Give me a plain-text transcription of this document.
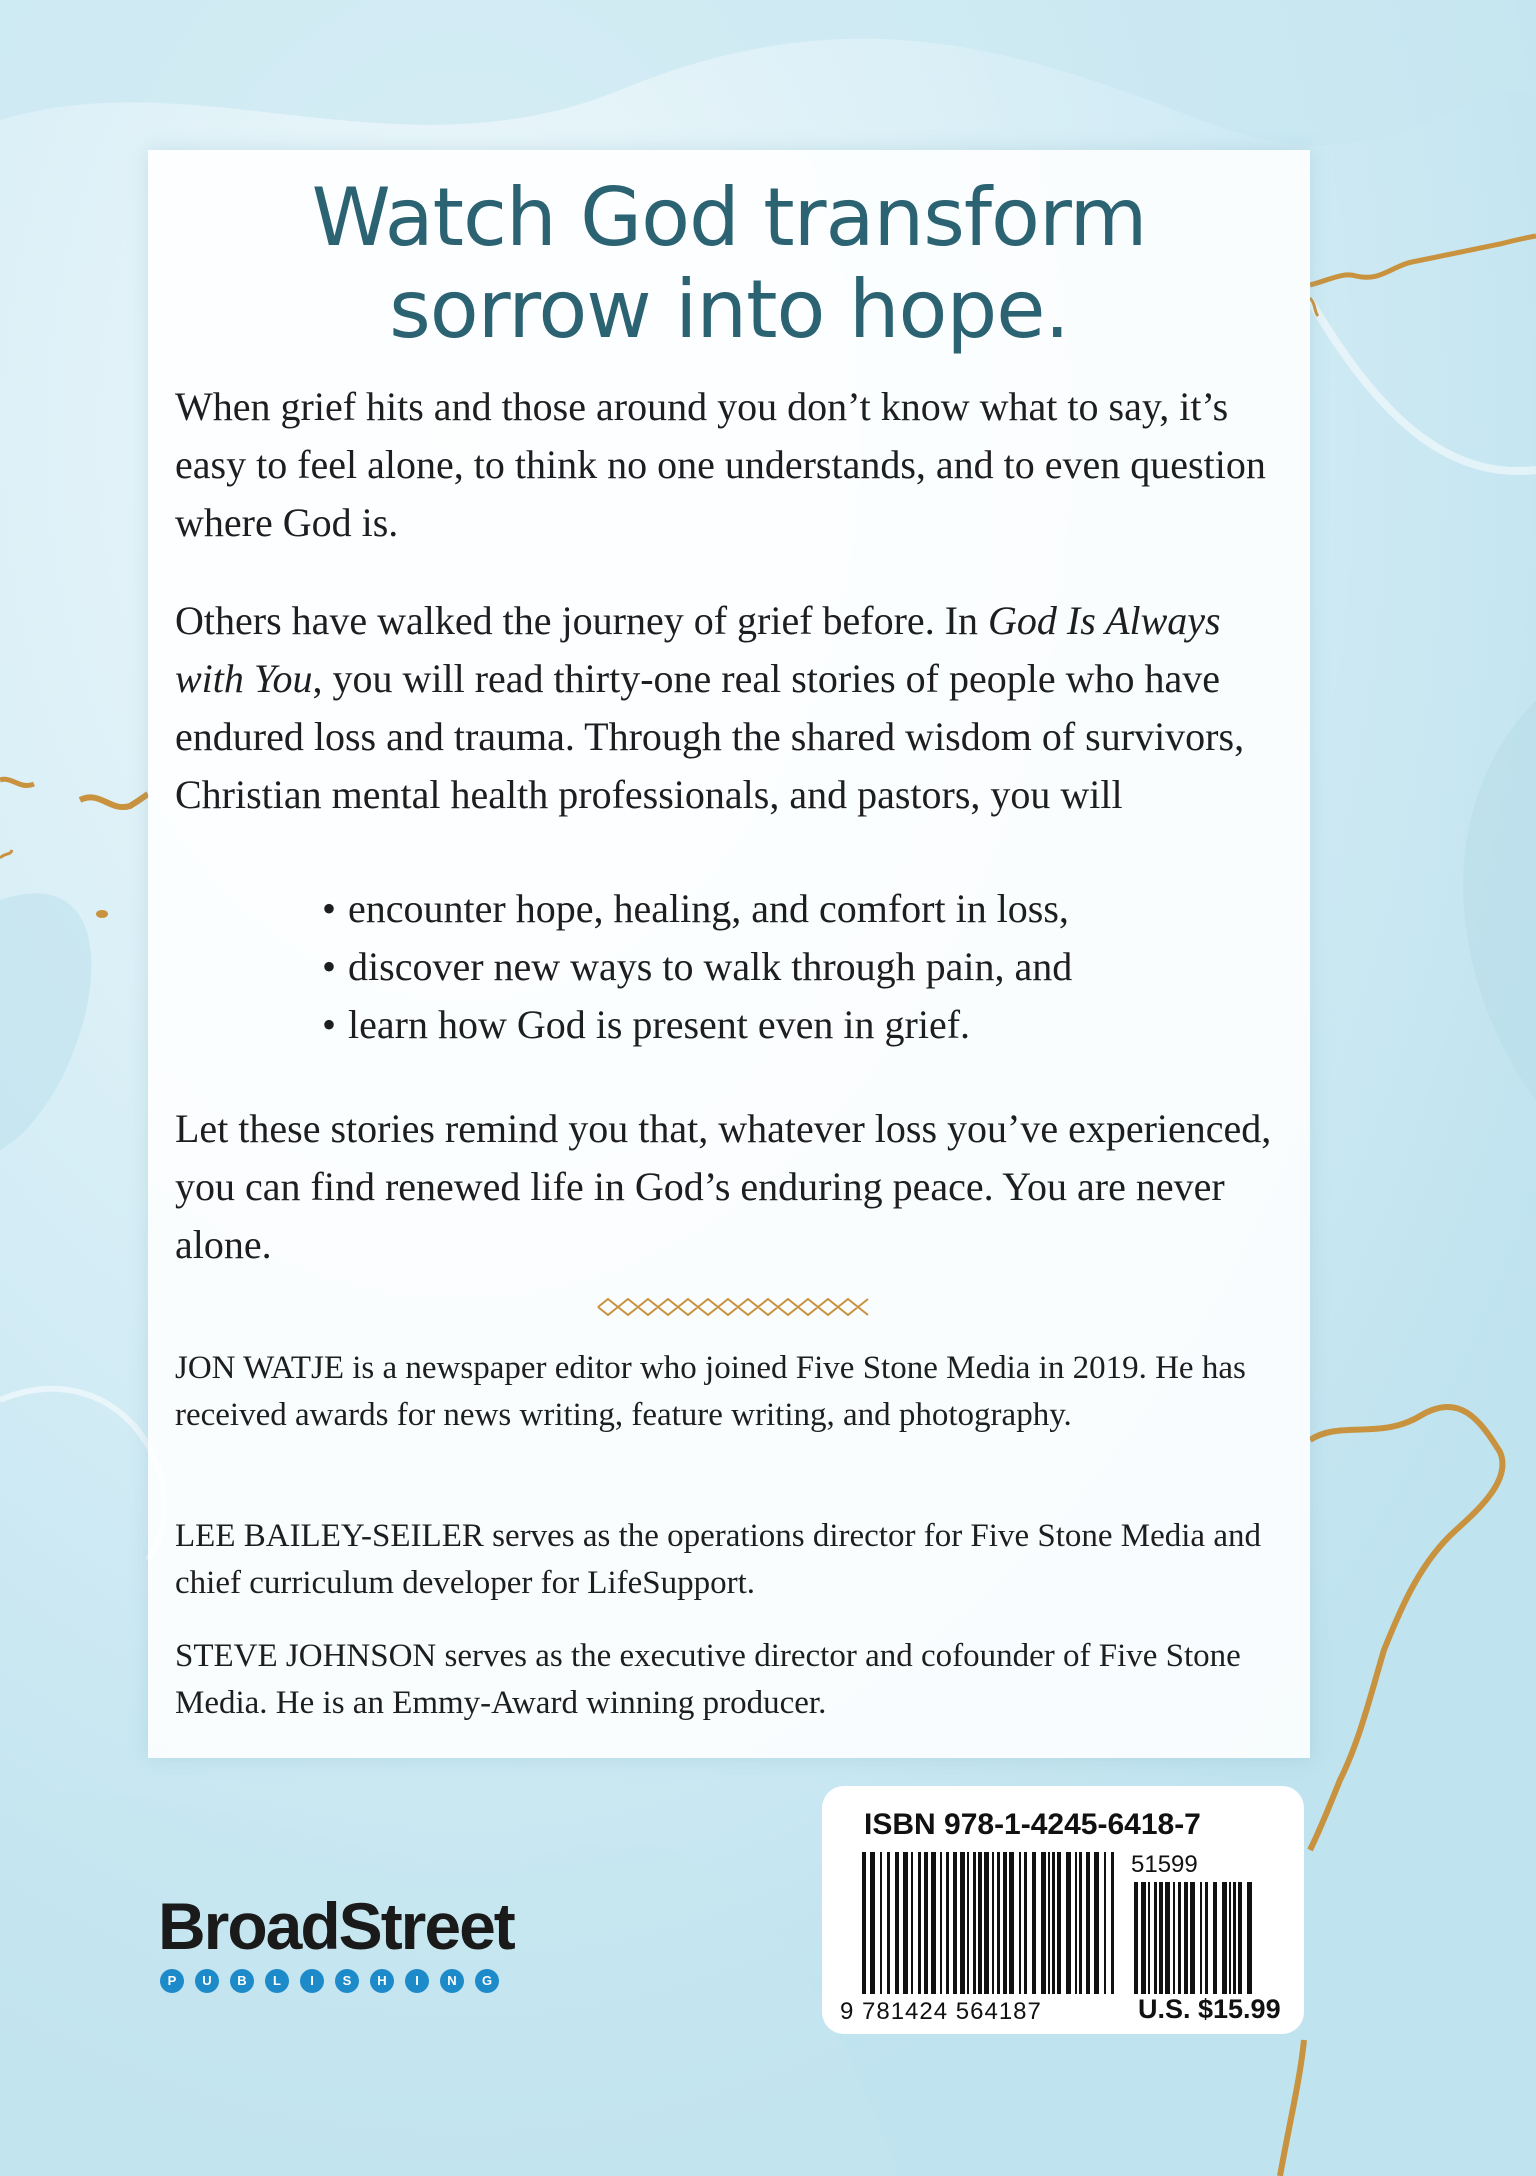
Watch God transform
sorrow into hope.

When grief hits and those around you don’t know what to say, it’s easy to feel alone, to think no one understands, and to even question where God is.

Others have walked the journey of grief before. In God Is Always with You, you will read thirty-one real stories of people who have endured loss and trauma. Through the shared wisdom of survivors, Christian mental health professionals, and pastors, you will

• encounter hope, healing, and comfort in loss,
• discover new ways to walk through pain, and
• learn how God is present even in grief.

Let these stories remind you that, whatever loss you’ve experienced, you can find renewed life in God’s enduring peace. You are never alone.

JON WATJE is a newspaper editor who joined Five Stone Media in 2019. He has received awards for news writing, feature writing, and photography.

LEE BAILEY-SEILER serves as the operations director for Five Stone Media and chief curriculum developer for LifeSupport.

STEVE JOHNSON serves as the executive director and cofounder of Five Stone Media. He is an Emmy-Award winning producer.

BroadStreet
P	U	B	L	I	S	H	I	N	G
ISBN 978-1-4245-6418-7
51599
9 781424 564187	U.S. $15.99
